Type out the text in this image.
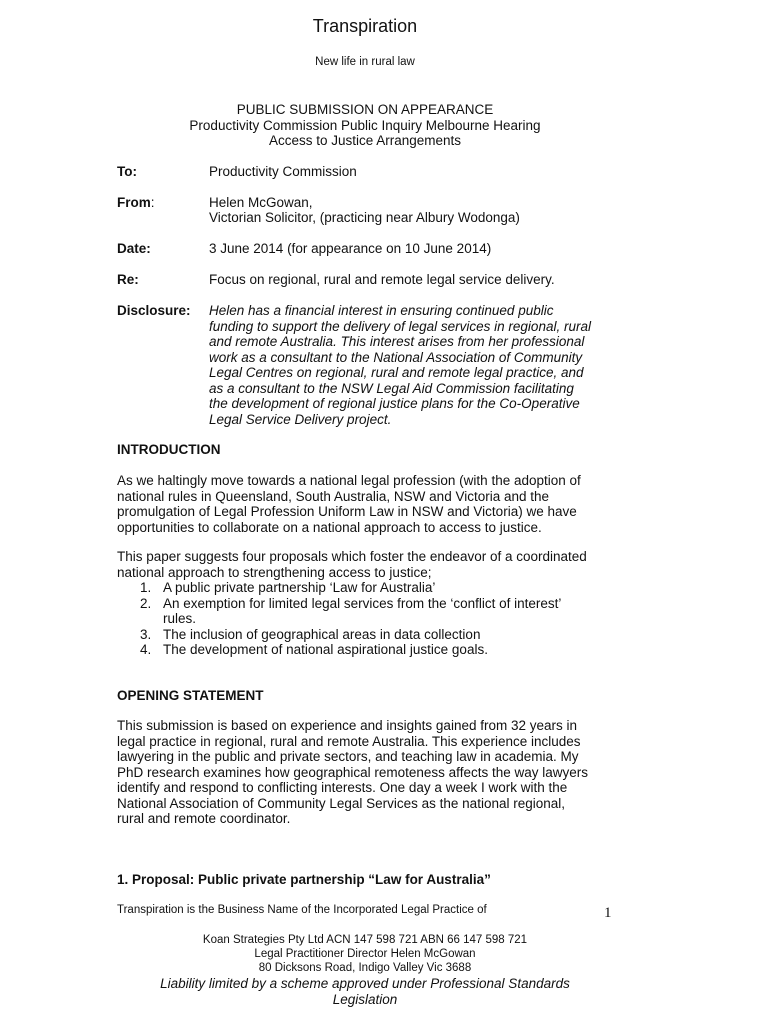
Transpiration
New life in rural law
PUBLIC SUBMISSION ON APPEARANCE
Productivity Commission Public Inquiry Melbourne Hearing
Access to Justice Arrangements
To:	Productivity Commission
From:	Helen McGowan,
Victorian Solicitor, (practicing near Albury Wodonga)
Date:	3 June 2014 (for appearance on 10 June 2014)
Re:	Focus on regional, rural and remote legal service delivery.
Disclosure: Helen has a financial interest in ensuring continued public
funding to support the delivery of legal services in regional, rural
and remote Australia. This interest arises from her professional
work as a consultant to the National Association of Community
Legal Centres on regional, rural and remote legal practice, and
as a consultant to the NSW Legal Aid Commission facilitating
the development of regional justice plans for the Co-Operative
Legal Service Delivery project.
INTRODUCTION
As we haltingly move towards a national legal profession (with the adoption of
national rules in Queensland, South Australia, NSW and Victoria and the
promulgation of Legal Profession Uniform Law in NSW and Victoria) we have
opportunities to collaborate on a national approach to access to justice.
This paper suggests four proposals which foster the endeavor of a coordinated
national approach to strengthening access to justice;
1. A public private partnership ‘Law for Australia’
2. An exemption for limited legal services from the ‘conflict of interest’
rules.
3. The inclusion of geographical areas in data collection
4. The development of national aspirational justice goals.
OPENING STATEMENT
This submission is based on experience and insights gained from 32 years in
legal practice in regional, rural and remote Australia. This experience includes
lawyering in the public and private sectors, and teaching law in academia. My
PhD research examines how geographical remoteness affects the way lawyers
identify and respond to conflicting interests. One day a week I work with the
National Association of Community Legal Services as the national regional,
rural and remote coordinator.
1. Proposal: Public private partnership “Law for Australia”
Transpiration is the Business Name of the Incorporated Legal Practice of	1
Koan Strategies Pty Ltd ACN 147 598 721 ABN 66 147 598 721
Legal Practitioner Director Helen McGowan
80 Dicksons Road, Indigo Valley Vic 3688
Liability limited by a scheme approved under Professional Standards
Legislation
